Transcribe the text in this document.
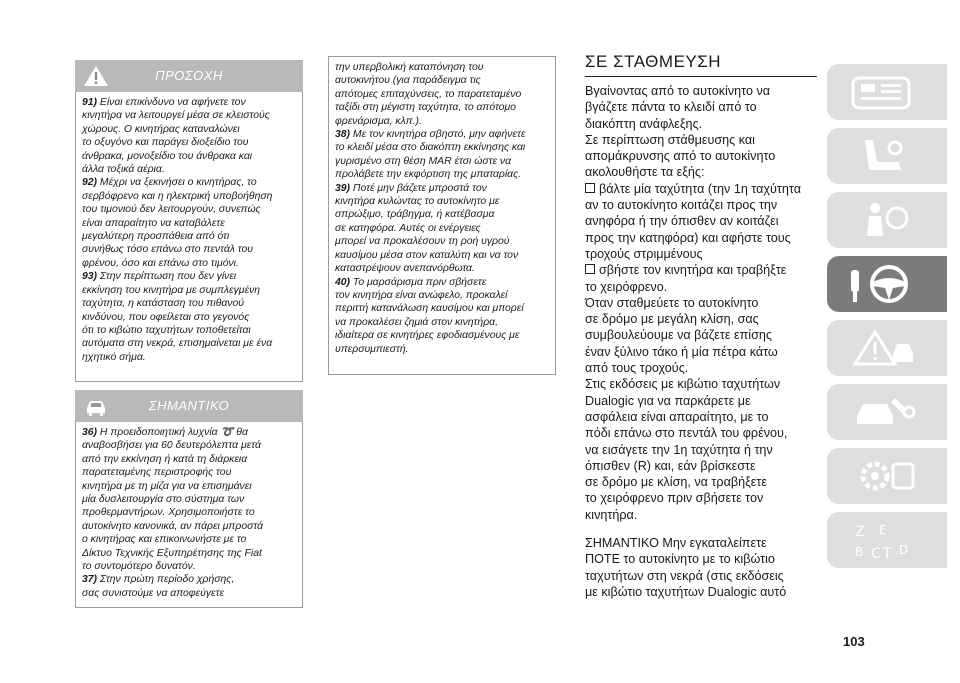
ΠΡΟΣΟΧΗ

91) Είναι επικίνδυνο να αφήνετε τον

κινητήρα να λειτουργεί μέσα σε κλειστούς

χώρους. Ο κινητήρας καταναλώνει

το οξυγόνο και παράγει διοξείδιο του

άνθρακα, μονοξείδιο του άνθρακα και

άλλα τοξικά αέρια.

92) Μέχρι να ξεκινήσει ο κινητήρας, το

σερβόφρενο και η ηλεκτρική υποβοήθηση

του τιμονιού δεν λειτουργούν, συνεπώς

είναι απαραίτητο να καταβάλετε

μεγαλύτερη προσπάθεια από ότι

συνήθως τόσο επάνω στο πεντάλ του

φρένου, όσο και επάνω στο τιμόνι.

93) Στην περίπτωση που δεν γίνει

εκκίνηση του κινητήρα με συμπλεγμένη

ταχύτητα, η κατάσταση του πιθανού

κινδύνου, που οφείλεται στο γεγονός

ότι το κιβώτιο ταχυτήτων τοποθετείται

αυτόματα στη νεκρά, επισημαίνεται με ένα

ηχητικό σήμα.

ΣΗΜΑΝΤΙΚΟ

36) Η προειδοποιητική λυχνία ➰ θα

αναβοσβήσει για 60 δευτερόλεπτα μετά

από την εκκίνηση ή κατά τη διάρκεια

παρατεταμένης περιστροφής του

κινητήρα με τη μίζα για να επισημάνει

μία δυσλειτουργία στο σύστημα των

προθερμαντήρων. Χρησιμοποιήστε το

αυτοκίνητο κανονικά, αν πάρει μπροστά

ο κινητήρας και επικοινωνήστε με το

Δίκτυο Τεχνικής Εξυπηρέτησης της Fiat

το συντομότερο δυνατόν.

37) Στην πρώτη περίοδο χρήσης,

σας συνιστούμε να αποφεύγετε

την υπερβολική καταπόνηση του

αυτοκινήτου (για παράδειγμα τις

απότομες επιταχύνσεις, το παρατεταμένο

ταξίδι στη μέγιστη ταχύτητα, το απότομο

φρενάρισμα, κλπ.).

38) Με τον κινητήρα σβηστό, μην αφήνετε

το κλειδί μέσα στο διακόπτη εκκίνησης και

γυρισμένο στη θέση MAR έτσι ώστε να

προλάβετε την εκφόρτιση της μπαταρίας.

39) Ποτέ μην βάζετε μπροστά τον

κινητήρα κυλώντας το αυτοκίνητο με

σπρώξιμο, τράβηγμα, ή κατέβασμα

σε κατηφόρα. Αυτές οι ενέργειες

μπορεί να προκαλέσουν τη ροή υγρού

καυσίμου μέσα στον καταλύτη και να τον

καταστρέψουν ανεπανόρθωτα.

40) Το μαρσάρισμα πριν σβήσετε

τον κινητήρα είναι ανώφελο, προκαλεί

περιττή κατανάλωση καυσίμου και μπορεί

να προκαλέσει ζημιά στον κινητήρα,

ιδιαίτερα σε κινητήρες εφοδιασμένους με

υπερσυμπιεστή.

ΣΕ ΣΤΑΘΜΕΥΣΗ

Βγαίνοντας από το αυτοκίνητο να

βγάζετε πάντα το κλειδί από το

διακόπτη ανάφλεξης.

Σε περίπτωση στάθμευσης και

απομάκρυνσης από το αυτοκίνητο

ακολουθήστε τα εξής:

βάλτε μία ταχύτητα (την 1η ταχύτητα

αν το αυτοκίνητο κοιτάζει προς την

ανηφόρα ή την όπισθεν αν κοιτάζει

προς την κατηφόρα) και αφήστε τους

τροχούς στριμμένους

σβήστε τον κινητήρα και τραβήξτε

το χειρόφρενο.

Όταν σταθμεύετε το αυτοκίνητο

σε δρόμο με μεγάλη κλίση, σας

συμβουλεύουμε να βάζετε επίσης

έναν ξύλινο τάκο ή μία πέτρα κάτω

από τους τροχούς.

Στις εκδόσεις με κιβώτιο ταχυτήτων

Dualogic για να παρκάρετε με

ασφάλεια είναι απαραίτητο, με το

πόδι επάνω στο πεντάλ του φρένου,

να εισάγετε την 1η ταχύτητα ή την

όπισθεν (R) και, εάν βρίσκεστε

σε δρόμο με κλίση, να τραβήξετε

το χειρόφρενο πριν σβήσετε τον

κινητήρα.

ΣΗΜΑΝΤΙΚΟ Μην εγκαταλείπετε

ΠΟΤΕ το αυτοκίνητο με το κιβώτιο

ταχυτήτων στη νεκρά (στις εκδόσεις

με κιβώτιο ταχυτήτων Dualogic αυτό

103
Z E
B C T D
